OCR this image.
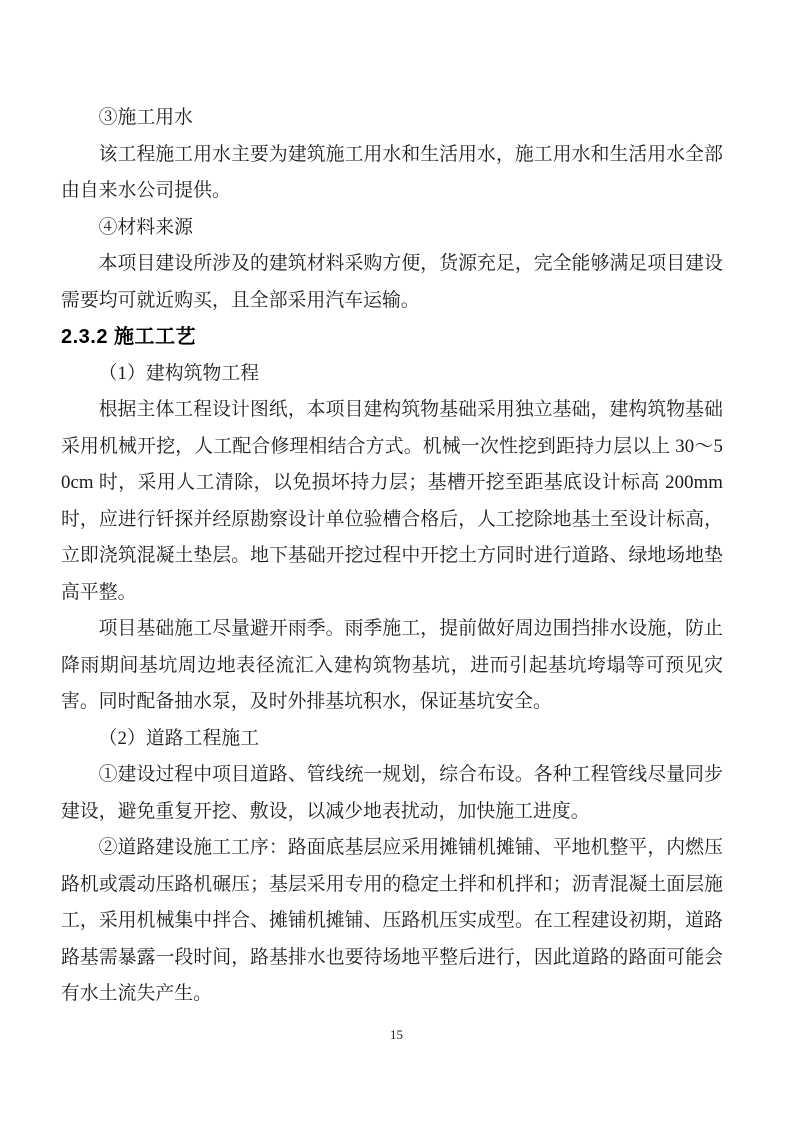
③施工用水

该工程施工用水主要为建筑施工用水和生活用水，施工用水和生活用水全部由自来水公司提供。

④材料来源

本项目建设所涉及的建筑材料采购方便，货源充足，完全能够满足项目建设需要均可就近购买，且全部采用汽车运输。

2.3.2 施工工艺

（1）建构筑物工程

根据主体工程设计图纸，本项目建构筑物基础采用独立基础，建构筑物基础采用机械开挖，人工配合修理相结合方式。机械一次性挖到距持力层以上 30～50cm 时，采用人工清除，以免损坏持力层；基槽开挖至距基底设计标高 200mm 时，应进行钎探并经原勘察设计单位验槽合格后，人工挖除地基土至设计标高，立即浇筑混凝土垫层。地下基础开挖过程中开挖土方同时进行道路、绿地场地垫高平整。

项目基础施工尽量避开雨季。雨季施工，提前做好周边围挡排水设施，防止降雨期间基坑周边地表径流汇入建构筑物基坑，进而引起基坑垮塌等可预见灾害。同时配备抽水泵，及时外排基坑积水，保证基坑安全。

（2）道路工程施工

①建设过程中项目道路、管线统一规划，综合布设。各种工程管线尽量同步建设，避免重复开挖、敷设，以减少地表扰动，加快施工进度。

②道路建设施工工序：路面底基层应采用摊铺机摊铺、平地机整平，内燃压路机或震动压路机碾压；基层采用专用的稳定土拌和机拌和；沥青混凝土面层施工，采用机械集中拌合、摊铺机摊铺、压路机压实成型。在工程建设初期，道路路基需暴露一段时间，路基排水也要待场地平整后进行，因此道路的路面可能会有水土流失产生。

15
